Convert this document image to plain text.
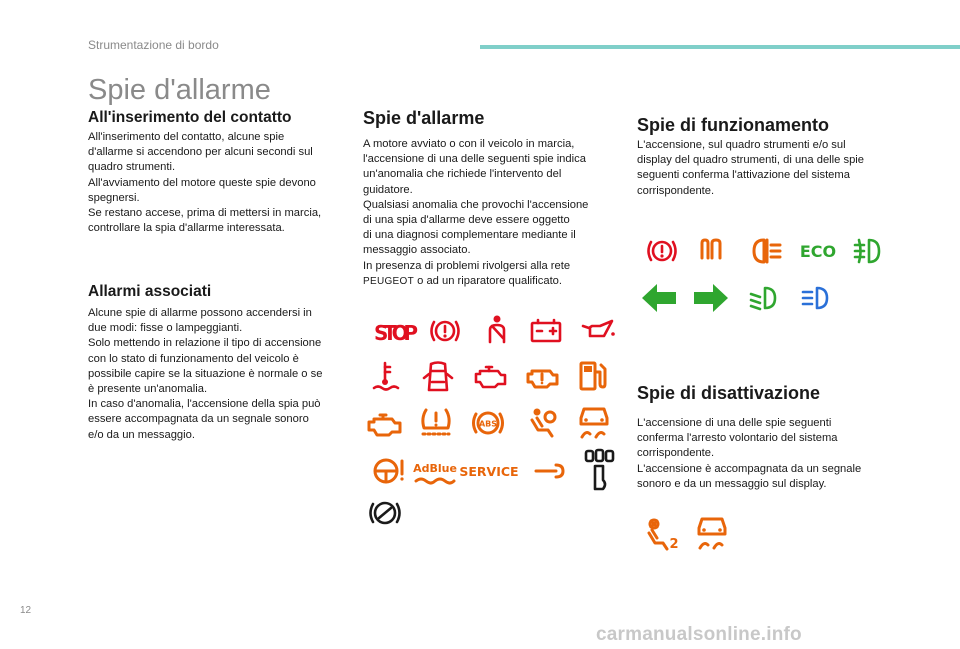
Strumentazione di bordo
Spie d'allarme
All'inserimento del contatto

All'inserimento del contatto, alcune spie
d'allarme si accendono per alcuni secondi sul
quadro strumenti.
All'avviamento del motore queste spie devono
spegnersi.
Se restano accese, prima di mettersi in marcia,
controllare la spia d'allarme interessata.

Allarmi associati

Alcune spie di allarme possono accendersi in
due modi: fisse o lampeggianti.
Solo mettendo in relazione il tipo di accensione
con lo stato di funzionamento del veicolo è
possibile capire se la situazione è normale o se
è presente un'anomalia.
In caso d'anomalia, l'accensione della spia può
essere accompagnata da un segnale sonoro
e/o da un messaggio.

Spie d'allarme

A motore avviato o con il veicolo in marcia,
l'accensione di una delle seguenti spie indica
un'anomalia che richiede l'intervento del
guidatore.
Qualsiasi anomalia che provochi l'accensione
di una spia d'allarme deve essere oggetto
di una diagnosi complementare mediante il
messaggio associato.
In presenza di problemi rivolgersi alla rete

PEUGEOT o ad un riparatore qualificato.

Spie di funzionamento

L'accensione, sul quadro strumenti e/o sul
display del quadro strumenti, di una delle spie
seguenti conferma l'attivazione del sistema
corrispondente.

Spie di disattivazione

L'accensione di una delle spie seguenti
conferma l'arresto volontario del sistema
corrispondente.
L'accensione è accompagnata da un segnale
sonoro e da un messaggio sul display.

STOP
ABS
AdBlue SERVICE
ECO
2
12
carmanualsonline.info
